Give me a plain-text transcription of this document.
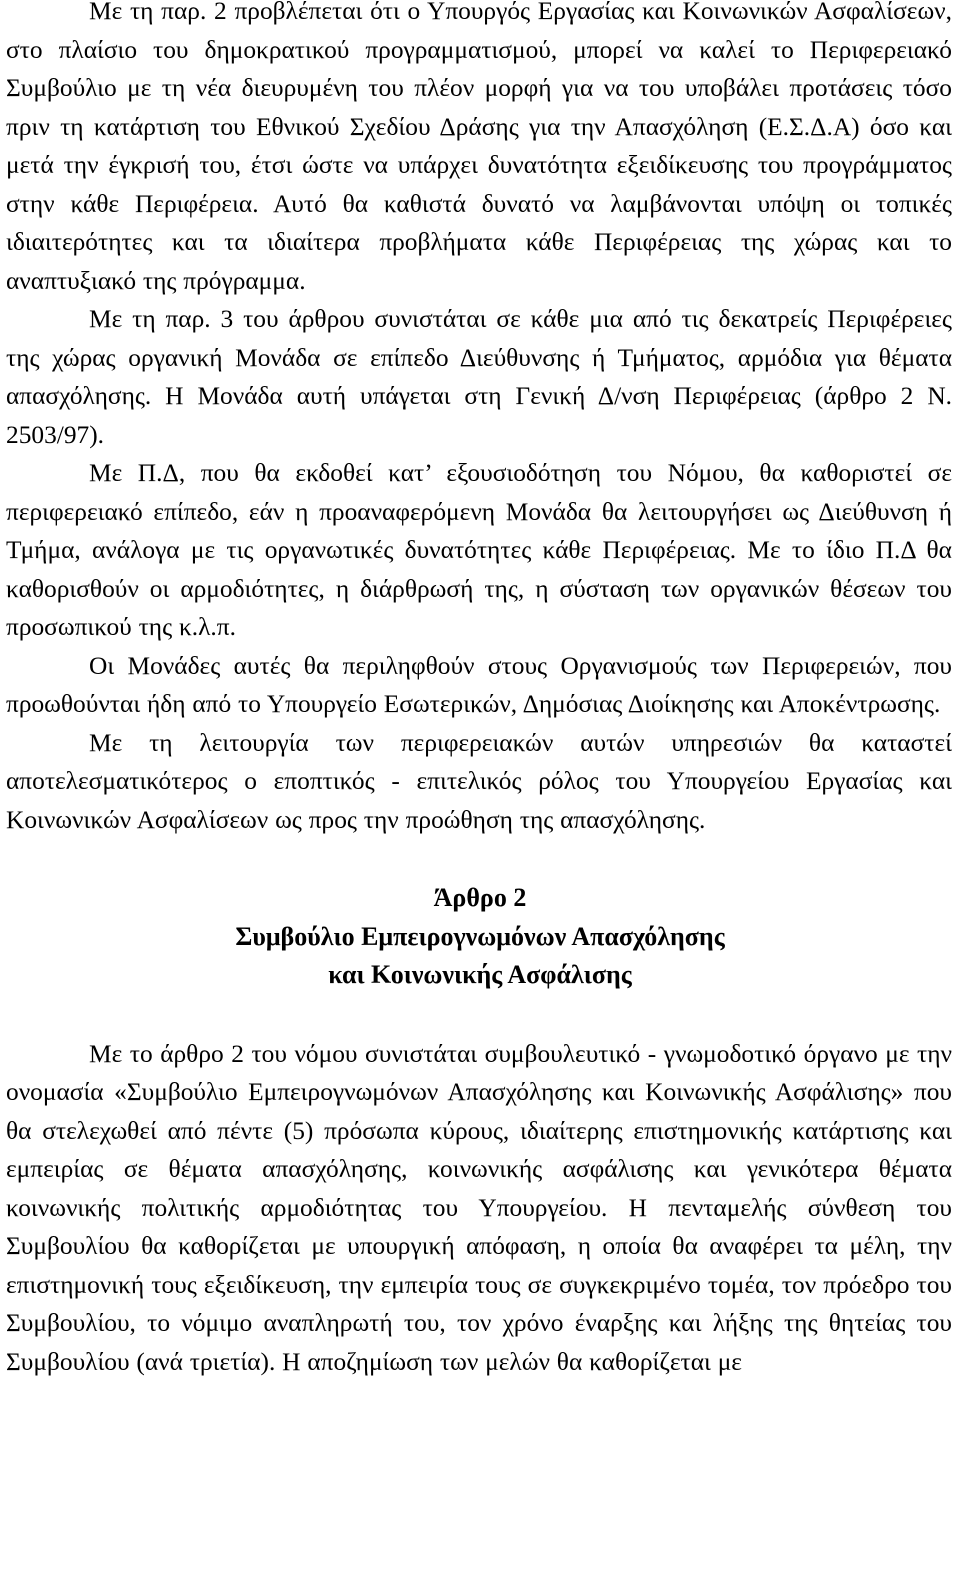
Με τη παρ. 2 προβλέπεται ότι ο Υπουργός Εργασίας και Κοινωνικών Ασφαλίσεων, στο πλαίσιο του δημοκρατικού προγραμματισμού, μπορεί να καλεί το Περιφερειακό Συμβούλιο με τη νέα διευρυμένη του πλέον μορφή για να του υποβάλει προτάσεις τόσο πριν τη κατάρτιση του Εθνικού Σχεδίου Δράσης για την Απασχόληση (Ε.Σ.Δ.Α) όσο και μετά την έγκρισή του, έτσι ώστε να υπάρχει δυνατότητα εξειδίκευσης του προγράμματος στην κάθε Περιφέρεια. Αυτό θα καθιστά δυνατό να λαμβάνονται υπόψη οι τοπικές ιδιαιτερότητες και τα ιδιαίτερα προβλήματα κάθε Περιφέρειας της χώρας και το αναπτυξιακό της πρόγραμμα.

Με τη παρ. 3 του άρθρου συνιστάται σε κάθε μια από τις δεκατρείς Περιφέρειες της χώρας οργανική Μονάδα σε επίπεδο Διεύθυνσης ή Τμήματος, αρμόδια για θέματα απασχόλησης. Η Μονάδα αυτή υπάγεται στη Γενική Δ/νση Περιφέρειας (άρθρο 2 Ν. 2503/97).

Με Π.Δ, που θα εκδοθεί κατ’ εξουσιοδότηση του Νόμου, θα καθοριστεί σε περιφερειακό επίπεδο, εάν η προαναφερόμενη Μονάδα θα λειτουργήσει ως Διεύθυνση ή Τμήμα, ανάλογα με τις οργανωτικές δυνατότητες κάθε Περιφέρειας. Με το ίδιο Π.Δ θα καθορισθούν οι αρμοδιότητες, η διάρθρωσή της, η σύσταση των οργανικών θέσεων του προσωπικού της κ.λ.π.

Οι Μονάδες αυτές θα περιληφθούν στους Οργανισμούς των Περιφερειών, που προωθούνται ήδη από το Υπουργείο Εσωτερικών, Δημόσιας Διοίκησης και Αποκέντρωσης.

Με τη λειτουργία των περιφερειακών αυτών υπηρεσιών θα καταστεί αποτελεσματικότερος ο εποπτικός - επιτελικός ρόλος του Υπουργείου Εργασίας και Κοινωνικών Ασφαλίσεων ως προς την προώθηση της απασχόλησης.

Άρθρο 2
Συμβούλιο Εμπειρογνωμόνων Απασχόλησης
και Κοινωνικής Ασφάλισης

Με το άρθρο 2 του νόμου συνιστάται συμβουλευτικό - γνωμοδοτικό όργανο με την ονομασία «Συμβούλιο Εμπειρογνωμόνων Απασχόλησης και Κοινωνικής Ασφάλισης» που θα στελεχωθεί από πέντε (5) πρόσωπα κύρους, ιδιαίτερης επιστημονικής κατάρτισης και εμπειρίας σε θέματα απασχόλησης, κοινωνικής ασφάλισης και γενικότερα θέματα κοινωνικής πολιτικής αρμοδιότητας του Υπουργείου. Η πενταμελής σύνθεση του Συμβουλίου θα καθορίζεται με υπουργική απόφαση, η οποία θα αναφέρει τα μέλη, την επιστημονική τους εξειδίκευση, την εμπειρία τους σε συγκεκριμένο τομέα, τον πρόεδρο του Συμβουλίου, το νόμιμο αναπληρωτή του, τον χρόνο έναρξης και λήξης της θητείας του Συμβουλίου (ανά τριετία). Η αποζημίωση των μελών θα καθορίζεται με
